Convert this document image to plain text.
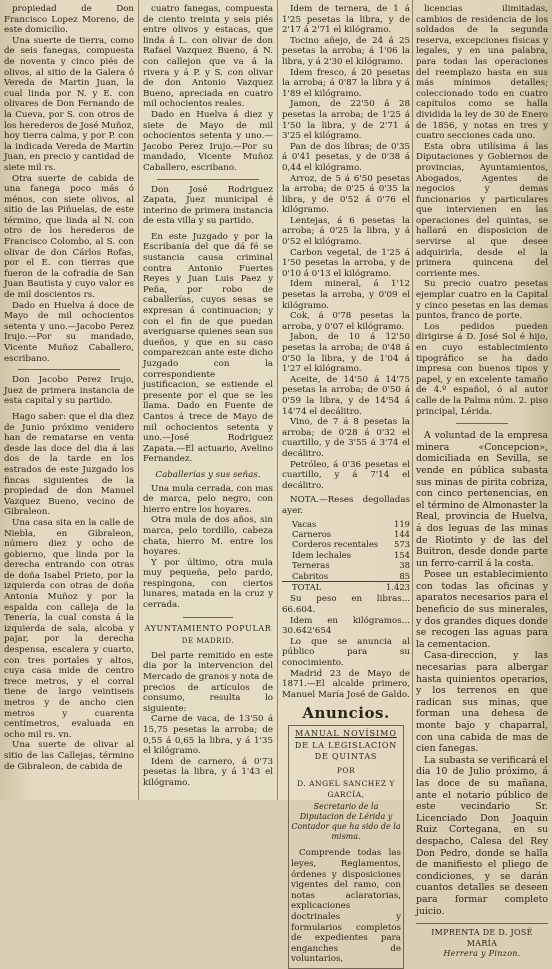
propiedad de Don Francisco Lopez Moreno, de este domicilio.

Una suerte de tierra, como de seis fanegas, compuesta de noventa y cinco piés de olivos, al sitio de la Galera ó Vereda de Martin Juan, la cual linda por N. y E. con olivares de Don Fernando de la Cueva, por S. con otros de los herederos de José Muñoz, hoy tierra calma, y por P. con la indicada Vereda de Martin Juan, en precio y cantidad de siete mil rs.

Otra suerte de cabida de una fanega poco más ó ménos, con siete olivos, al sitio de las Piñuelas, de este término, que linda al N. con otro de los herederos de Francisco Colombo, al S. con olivar de don Cárlos Rofas, por el E. con tierras que fueron de la cofradía de San Juan Bautista y cuyo valor es de mil doscientos rs.

Dado en Huelva á doce de Mayo de mil ochocientos setenta y uno.—Jacobo Perez Irujo.—Por su mandado, Vicente Muñoz Caballero, escribano.

Don Jacobo Perez Irujo, Juez de primera instancia de esta capital y su partido.

Hago saber: que el dia diez de Junio próximo venidero han de rematarse en venta desde las doce del dia á las dos de la tarde en los estrados de este Juzgado los fincas siguientes de la propiedad de don Manuel Vazquez Bueno, vecino de Gibraleon.

Una casa sita en la calle de Niebla, en Gibraleon, número diez y ocho de gobierno, que linda por la derecha entrando con otras de doña Isabel Prieto, por la izquierda con otras de doña Antonia Muñoz y por la espalda con calleja de la Tenería, la cual consta á la izquierda de sala, alcoba y pajar, por la derecha despensa, escalera y cuarto, con tres portales y altos, cuya casa mide de centro trece metros, y el corral tiene de largo veintiseis metros y de ancho cien metros y cuarenta centímetros, evaluada en ocho mil rs. vn.

Una suerte de olivar al sitio de las Callejas, término de Gibraleon, de cabida de

cuatro fanegas, compuesta de ciento treinta y seis piés entre olivos y estacas, que linda á L. con olivar de don Rafael Vazquez Bueno, á N. con callejon que va á la rivera y á P. y S. con olivar de don Antonio Vazquez Bueno, apreciada en cuatro mil ochocientos reales.

Dado en Huelva á diez y siete de Mayo de mil ochocientos setenta y uno.—Jacobo Perez Irujo.—Por su mandado, Vicente Muñoz Caballero, escribano.

Don José Rodriguez Zapata, Juez municipal é interino de primera instancia de esta villa y su partido.

En este Juzgado y por la Escribanía del que dá fé se sustancia causa criminal contra Antonio Fuertes Reyes y Juan Luis Paez y Peña, por robo de caballerías, cuyos sesas se expresan á continuacion; y con el fin de que puedan averiguarse quienes sean sus dueños, y que en su caso comparezcan ante este dicho Juzgado con la correspondiente justificacion, se estiende el presente por el que se les llama. Dado en Fuente de Cantos á trece de Mayo de mil ochocientos setenta y uno.—José Rodriguez Zapata.—El actuario, Avelino Fernandez.

Caballerías y sus señas.

Una mula cerrada, con mas de marca, pelo negro, con hierro entre los hoyares.

Otra mula de dos años, sin marca, pelo tordillo, cabeza chata, hierro M. entre los hoyares.

Y por último, otra mula muy pequeña, pelo pardo, respingona, con ciertos lunares, matada en la cruz y cerrada.

AYUNTAMIENTO POPULAR
DE MADRID.

Del parte remitido en este dia por la intervencion del Mercado de granos y nota de precios de artículos de consumo, resulta lo siguiente:

Carne de vaca, de 13'50 á 15,75 pesetas la arroba; de 0,55 á 0,65 la libra, y á 1'35 el kilógramo.

Idem de carnero, á 0'73 pesetas la libra, y á 1'43 el kilógramo.

Idem de ternera, de 1 á 1'25 pesetas la libra, y de 2'17 á 2'71 el kilógramo.

Tocino añejo, de 24 á 25 pesetas la arroba; á 1'06 la libra, y á 2'30 el kilógramo.

Idem fresco, á 20 pesetas la arroba; á 0'87 la libra y á 1'89 el kilógramo.

Jamon, de 22'50 á 28 pesetas la arroba; de 1'25 á 1'50 la libra, y de 2'71 á 3'25 el kilógramo.

Pan de dos libras; de 0'35 á 0'41 pesetas, y de 0'38 á 0,44 el kilógramo.

Arroz, de 5 á 6'50 pesetas la arroba; de 0'25 á 0'35 la libra, y de 0'52 á 0'76 el kilógramo.

Lentejas, á 6 pesetas la arroba; á 0'25 la libra, y á 0'52 el kilógramo.

Carbon vegetal, de 1'25 á 1'50 pesetas la arroba, y de 0'10 á 0'13 el kilógramo.

Idem mineral, á 1'12 pesetas la arroba, y 0'09 el kilógramo.

Cok, á 0'78 pesetas la arroba, y 0'07 el kilógramo.

Jabon, de 10 á 12'50 pesetas la arroba; de 0'48 á 0'50 la libra, y de 1'04 á 1'27 el kilógramo.

Aceite, de 14'50 á 14'75 pesetas la arroba; de 0'50 á 0'59 la libra, y de 14'54 á 14'74 el decálitro.

Vino, de 7 á 8 pesetas la arroba; de 0'28 á 0'32 el cuartillo, y de 3'55 á 3'74 el decálitro.

Petróleo, á 0'36 pesetas el cuartillo, y á 7'14 el decálitro.

NOTA.—Reses degolladas ayer.

Vacas	119
Carneros	144
Corderos recentales	573
Idem lechales	154
Terneras	38
Cabritos	85
TOTAL	1.423

Su peso en libras... 66.604.

Idem en kilógramos... 30.642'654

Lo que se anuncia al público para su conocimiento.

Madrid 23 de Mayo de 1871.—El alcalde primero, Manuel María José de Galdo.

Anuncios.
MANUAL NOVÍSIMO
DE LA LEGISLACION DE QUINTAS
POR
D. ANGEL SANCHEZ Y GARCÍA,
Secretario de la Diputacion de Lérida y Contador que ha sido de la misma.

Comprende todas las leyes, Reglamentos, órdenes y disposiciones vigentes del ramo, con notas aclaratorias, explicaciones doctrinales y formularios completos de expedientes para enganches de voluntarios,

licencias ilimitadas, cambios de residencia de los soldados de la segunda reserva, excepciones físicas y legales, y en una palabra, para todas las operaciones del reemplazo hasta en sus más mínimos detalles; coleccionado todo en cuatro capítulos como se halla dividida la ley de 30 de Enero de 1856, y notas en tres y cuatro secciones cada uno.

Esta obra utilísima á las Diputaciones y Gobiernos de provincias, Ayuntamientos, Abogados, Agentes de negocios y demas funcionarios y particulares que intervienen en las operaciones del quintas, se hallará en disposicion de servirse al que desee adquirirla, desde el la primera quincena del corriente mes.

Su precio cuatro pesetas ejemplar cuatro en la Capital y cinco pesetas en las demas puntos, franco de porte.

Los pedidos pueden dirigirse á D. José Sol é hijo, en cuyo establecimiento tipográfico se ha dado impresa con buenos tipos y papel, y en excelente tamaño de 4.º español, ó al autor calle de la Palma núm. 2. piso principal, Lérida.

A voluntad de la empresa minera «Concepcion», domiciliada en Sevilla, se vende en pública subasta sus minas de pirita cobriza, con cinco pertenencias, en el término de Almonaster la Real, provincia de Huelva, á dos leguas de las minas de Riotinto y de las del Buitron, desde donde parte un ferro-carril á la costa.

Posee un establecimiento con todas las oficinas y aparatos necesarios para el beneficio de sus minerales, y dos grandes diques donde se recogen las aguas para la cementacion.

Casa-direccion, y las necesarias para albergar hasta quinientos operarios, y los terrenos en que radican sus minas, que forman una dehesa de monte bajo y chaparral, con una cabida de mas de cien fanegas.

La subasta se verificará el dia 10 de Julio próximo, á las doce de su mañana, ante el notario público de este vecindario Sr. Licenciado Don Joaquin Ruiz Cortegana, en su despacho, Calesa del Rey Don Pedro, donde se halla de manifiesto el pliego de condiciones, y se darán cuantos detalles se deseen para formar completo juicio.

IMPRENTA DE D. JOSÉ MARÍA
Herrera y Pinzon.
